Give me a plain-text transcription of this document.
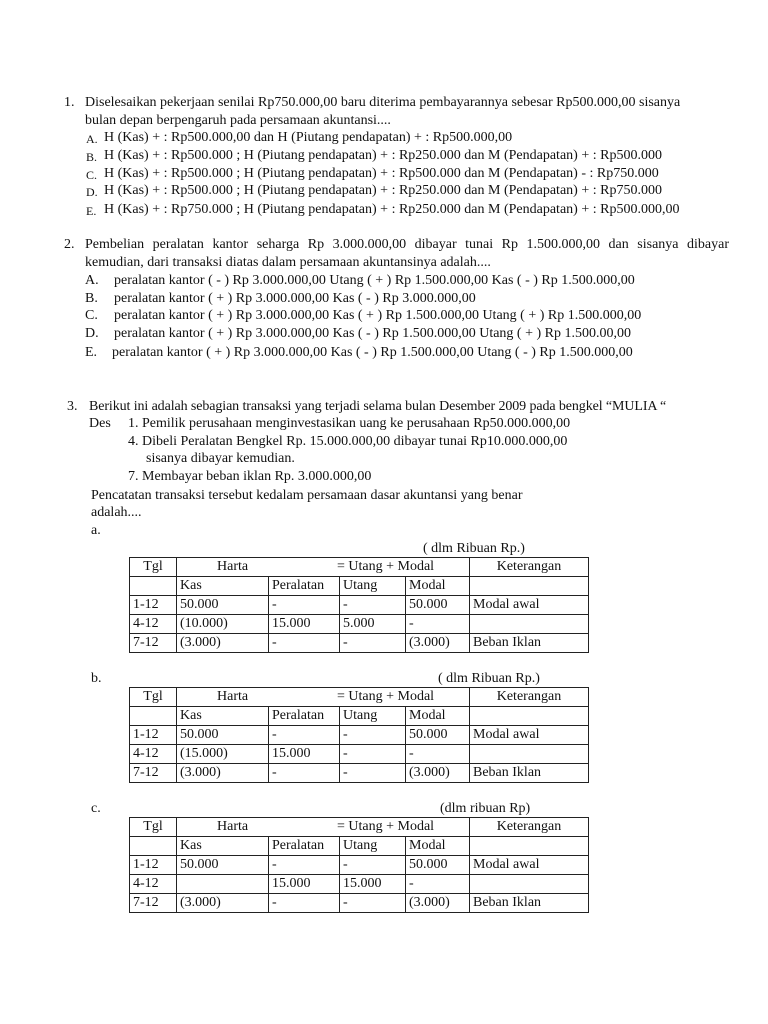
1. Diselesaikan pekerjaan senilai Rp750.000,00 baru diterima pembayarannya sebesar Rp500.000,00 sisanya
bulan depan berpengaruh pada persamaan akuntansi....
A. H (Kas) + : Rp500.000,00 dan H (Piutang pendapatan) + : Rp500.000,00
B. H (Kas) + : Rp500.000 ; H (Piutang pendapatan) + : Rp250.000 dan M (Pendapatan) + : Rp500.000
C. H (Kas) + : Rp500.000 ; H (Piutang pendapatan) + : Rp500.000 dan M (Pendapatan) - : Rp750.000
D. H (Kas) + : Rp500.000 ; H (Piutang pendapatan) + : Rp250.000 dan M (Pendapatan) + : Rp750.000
E. H (Kas) + : Rp750.000 ; H (Piutang pendapatan) + : Rp250.000 dan M (Pendapatan) + : Rp500.000,00
2. Pembelian peralatan kantor seharga Rp 3.000.000,00 dibayar tunai Rp 1.500.000,00 dan sisanya dibayar
kemudian, dari transaksi diatas dalam persamaan akuntansinya adalah....
A. peralatan kantor ( - ) Rp 3.000.000,00 Utang ( + ) Rp 1.500.000,00 Kas ( - ) Rp 1.500.000,00
B. peralatan kantor ( + ) Rp 3.000.000,00 Kas ( - ) Rp 3.000.000,00
C. peralatan kantor ( + ) Rp 3.000.000,00 Kas ( + ) Rp 1.500.000,00 Utang ( + ) Rp 1.500.000,00
D. peralatan kantor ( + ) Rp 3.000.000,00 Kas ( - ) Rp 1.500.000,00 Utang ( + ) Rp 1.500.00,00
E. peralatan kantor ( + ) Rp 3.000.000,00 Kas ( - ) Rp 1.500.000,00 Utang ( - ) Rp 1.500.000,00
3. Berikut ini adalah sebagian transaksi yang terjadi selama bulan Desember 2009 pada bengkel “MULIA “
Des 1. Pemilik perusahaan menginvestasikan uang ke perusahaan Rp50.000.000,00
4. Dibeli Peralatan Bengkel Rp. 15.000.000,00 dibayar tunai Rp10.000.000,00
sisanya dibayar kemudian.
7. Membayar beban iklan Rp. 3.000.000,00
Pencatatan transaksi tersebut kedalam persamaan dasar akuntansi yang benar
adalah....
a.
( dlm Ribuan Rp.)
Tgl	Harta = Utang + Modal				Keterangan
	Kas	Peralatan	Utang	Modal	
1-12	50.000	-	-	50.000	Modal awal
4-12	(10.000)	15.000	5.000	-	
7-12	(3.000)	-	-	(3.000)	Beban Iklan
b.	( dlm Ribuan Rp.)
Tgl	Harta = Utang + Modal				Keterangan
	Kas	Peralatan	Utang	Modal	
1-12	50.000	-	-	50.000	Modal awal
4-12	(15.000)	15.000	-	-	
7-12	(3.000)	-	-	(3.000)	Beban Iklan
c.	(dlm ribuan Rp)
Tgl	Harta = Utang + Modal				Keterangan
	Kas	Peralatan	Utang	Modal	
1-12	50.000	-	-	50.000	Modal awal
4-12		15.000	15.000	-	
7-12	(3.000)	-	-	(3.000)	Beban Iklan
